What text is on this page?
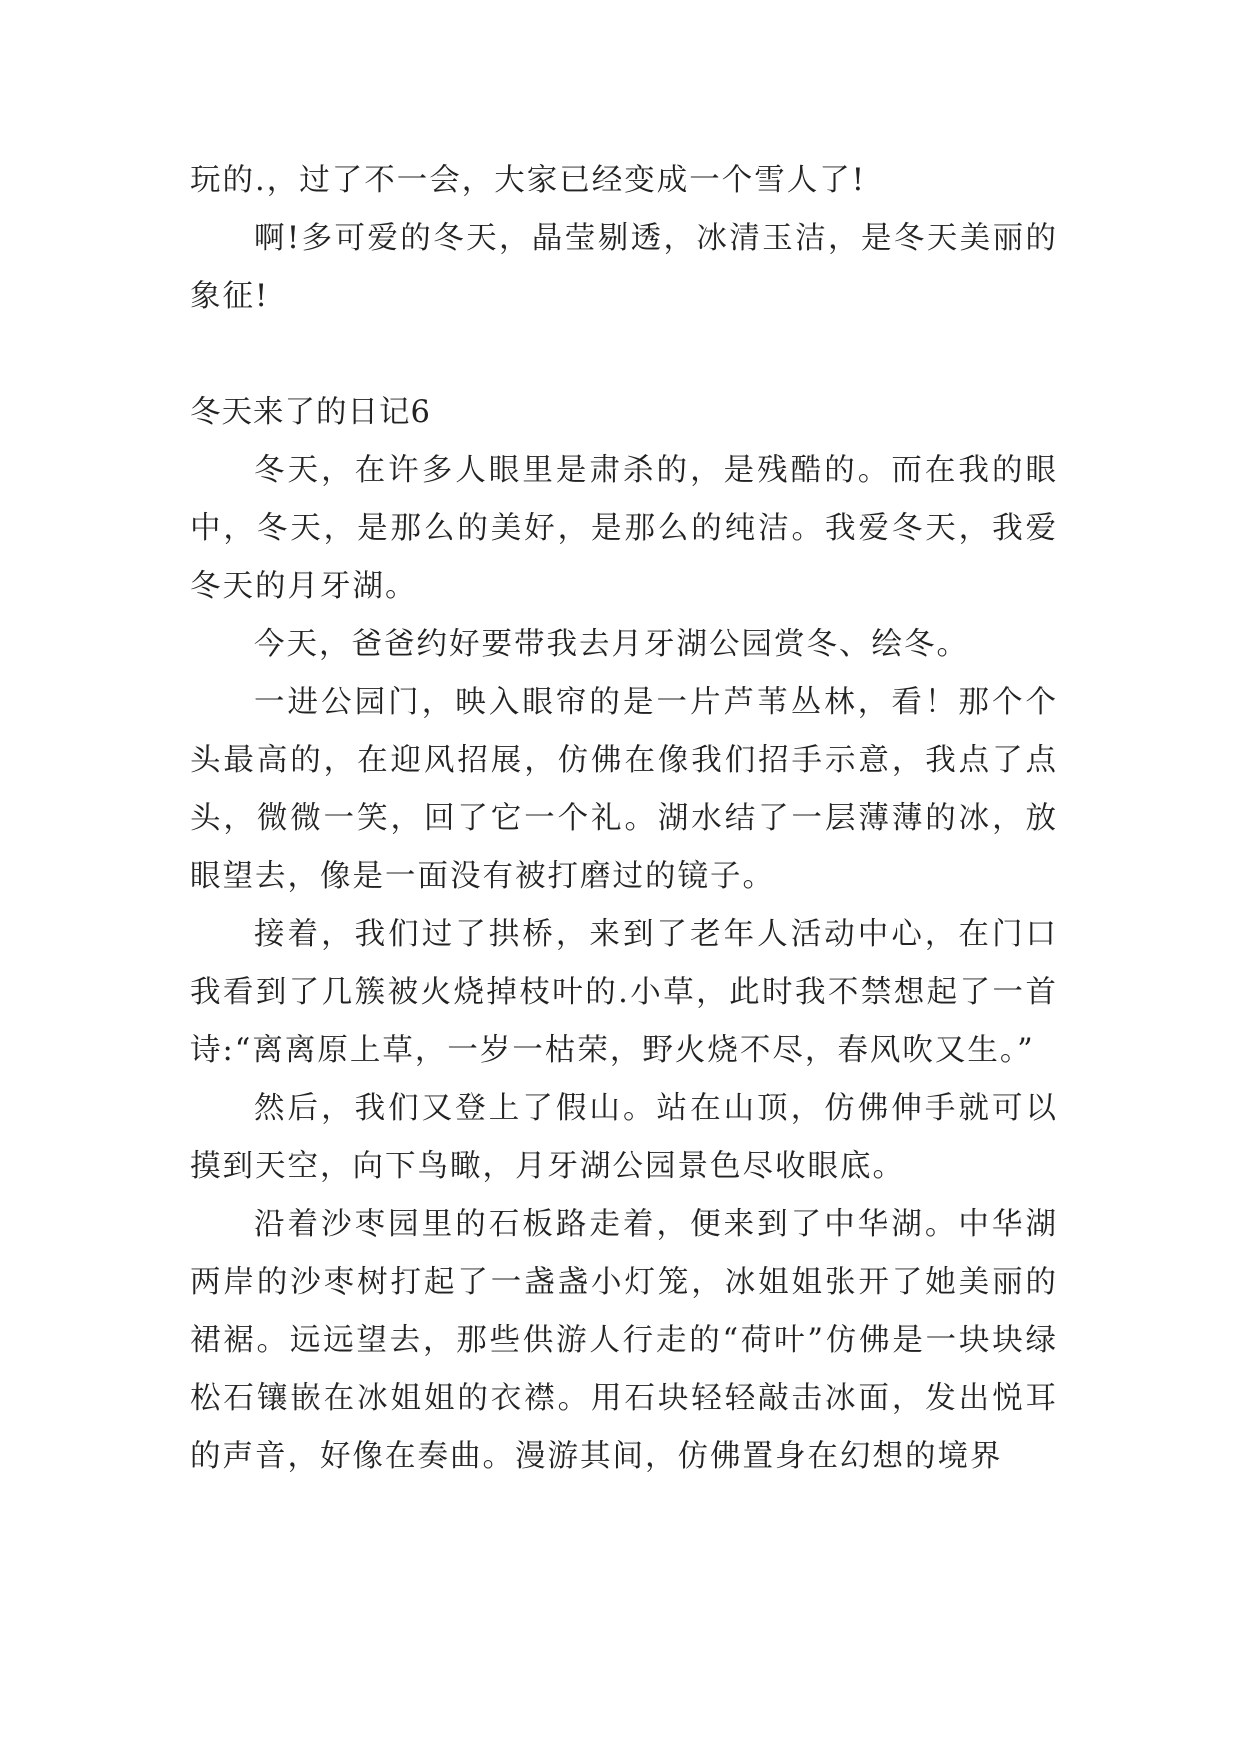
玩的.，过了不一会，大家已经变成一个雪人了!

啊!多可爱的冬天，晶莹剔透，冰清玉洁，是冬天美丽的象征!

冬天来了的日记6

冬天，在许多人眼里是肃杀的，是残酷的。而在我的眼中，冬天，是那么的美好，是那么的纯洁。我爱冬天，我爱冬天的月牙湖。

今天，爸爸约好要带我去月牙湖公园赏冬、绘冬。

一进公园门，映入眼帘的是一片芦苇丛林，看！那个个头最高的，在迎风招展，仿佛在像我们招手示意，我点了点头，微微一笑，回了它一个礼。湖水结了一层薄薄的冰，放眼望去，像是一面没有被打磨过的镜子。

接着，我们过了拱桥，来到了老年人活动中心，在门口我看到了几簇被火烧掉枝叶的.小草，此时我不禁想起了一首诗:“离离原上草，一岁一枯荣，野火烧不尽，春风吹又生。”

然后，我们又登上了假山。站在山顶，仿佛伸手就可以摸到天空，向下鸟瞰，月牙湖公园景色尽收眼底。

沿着沙枣园里的石板路走着，便来到了中华湖。中华湖两岸的沙枣树打起了一盏盏小灯笼，冰姐姐张开了她美丽的裙裾。远远望去，那些供游人行走的“荷叶”仿佛是一块块绿松石镶嵌在冰姐姐的衣襟。用石块轻轻敲击冰面，发出悦耳的声音，好像在奏曲。漫游其间，仿佛置身在幻想的境界
